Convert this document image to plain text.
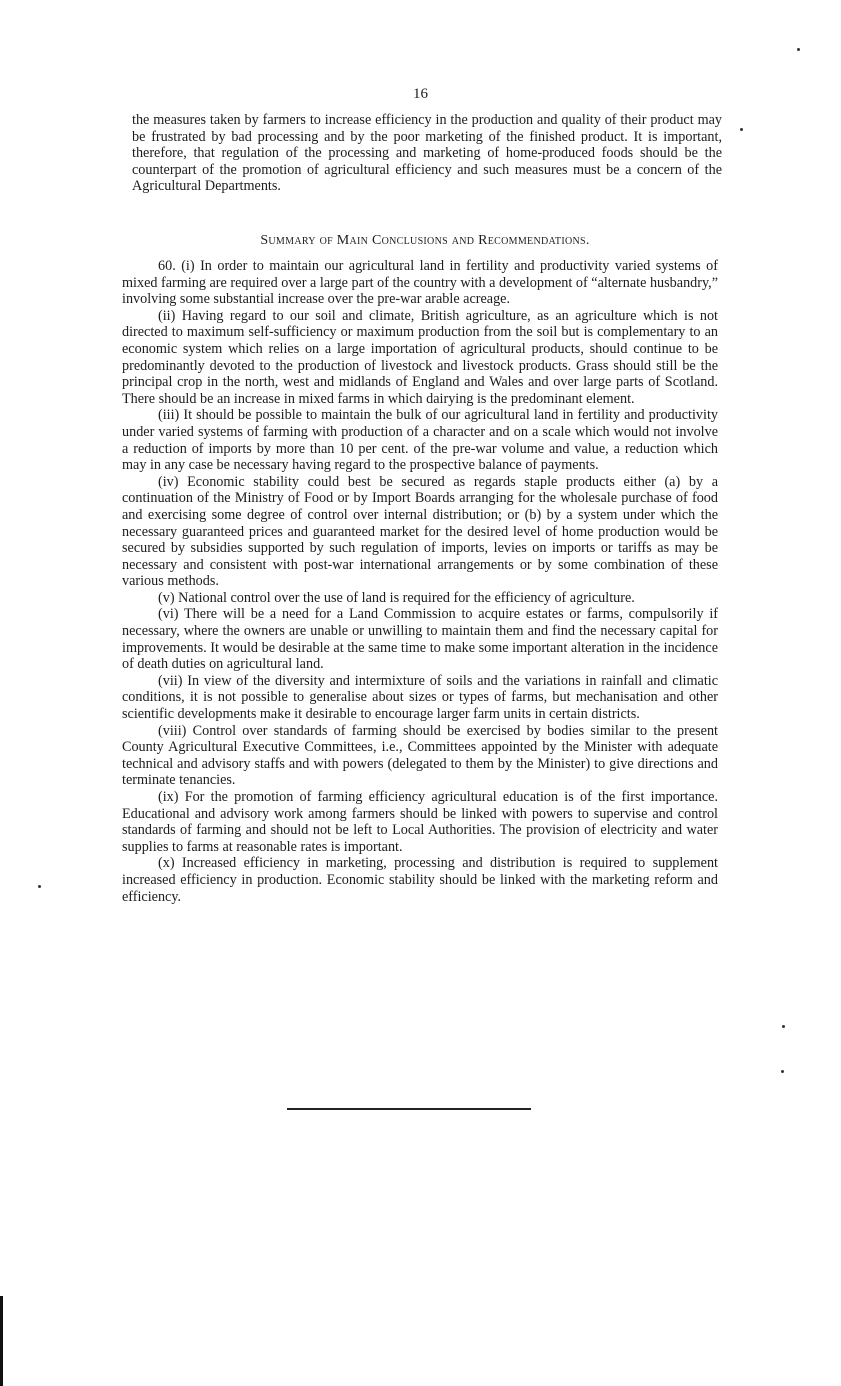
16
the measures taken by farmers to increase efficiency in the production and quality of their product may be frustrated by bad processing and by the poor marketing of the finished product. It is important, therefore, that regulation of the processing and marketing of home-produced foods should be the counterpart of the promotion of agricultural efficiency and such measures must be a concern of the Agricultural Departments.
Summary of Main Conclusions and Recommendations.

60. (i) In order to maintain our agricultural land in fertility and productivity varied systems of mixed farming are required over a large part of the country with a development of “alternate husbandry,” involving some substantial increase over the pre-war arable acreage.

(ii) Having regard to our soil and climate, British agriculture, as an agriculture which is not directed to maximum self-sufficiency or maximum production from the soil but is complementary to an economic system which relies on a large importation of agricultural products, should continue to be predominantly devoted to the production of livestock and livestock products. Grass should still be the principal crop in the north, west and midlands of England and Wales and over large parts of Scotland. There should be an increase in mixed farms in which dairying is the predominant element.

(iii) It should be possible to maintain the bulk of our agricultural land in fertility and productivity under varied systems of farming with production of a character and on a scale which would not involve a reduction of imports by more than 10 per cent. of the pre-war volume and value, a reduction which may in any case be necessary having regard to the prospective balance of payments.

(iv) Economic stability could best be secured as regards staple products either (a) by a continuation of the Ministry of Food or by Import Boards arranging for the wholesale purchase of food and exercising some degree of control over internal distribution; or (b) by a system under which the necessary guaranteed prices and guaranteed market for the desired level of home production would be secured by subsidies supported by such regulation of imports, levies on imports or tariffs as may be necessary and consistent with post-war international arrangements or by some combination of these various methods.

(v) National control over the use of land is required for the efficiency of agriculture.

(vi) There will be a need for a Land Commission to acquire estates or farms, compulsorily if necessary, where the owners are unable or unwilling to maintain them and find the necessary capital for improvements. It would be desirable at the same time to make some important alteration in the incidence of death duties on agricultural land.

(vii) In view of the diversity and intermixture of soils and the variations in rainfall and climatic conditions, it is not possible to generalise about sizes or types of farms, but mechanisation and other scientific developments make it desirable to encourage larger farm units in certain districts.

(viii) Control over standards of farming should be exercised by bodies similar to the present County Agricultural Executive Committees, i.e., Committees appointed by the Minister with adequate technical and advisory staffs and with powers (delegated to them by the Minister) to give directions and terminate tenancies.

(ix) For the promotion of farming efficiency agricultural education is of the first importance. Educational and advisory work among farmers should be linked with powers to supervise and control standards of farming and should not be left to Local Authorities. The provision of electricity and water supplies to farms at reasonable rates is important.

(x) Increased efficiency in marketing, processing and distribution is required to supplement increased efficiency in production. Economic stability should be linked with the marketing reform and efficiency.
